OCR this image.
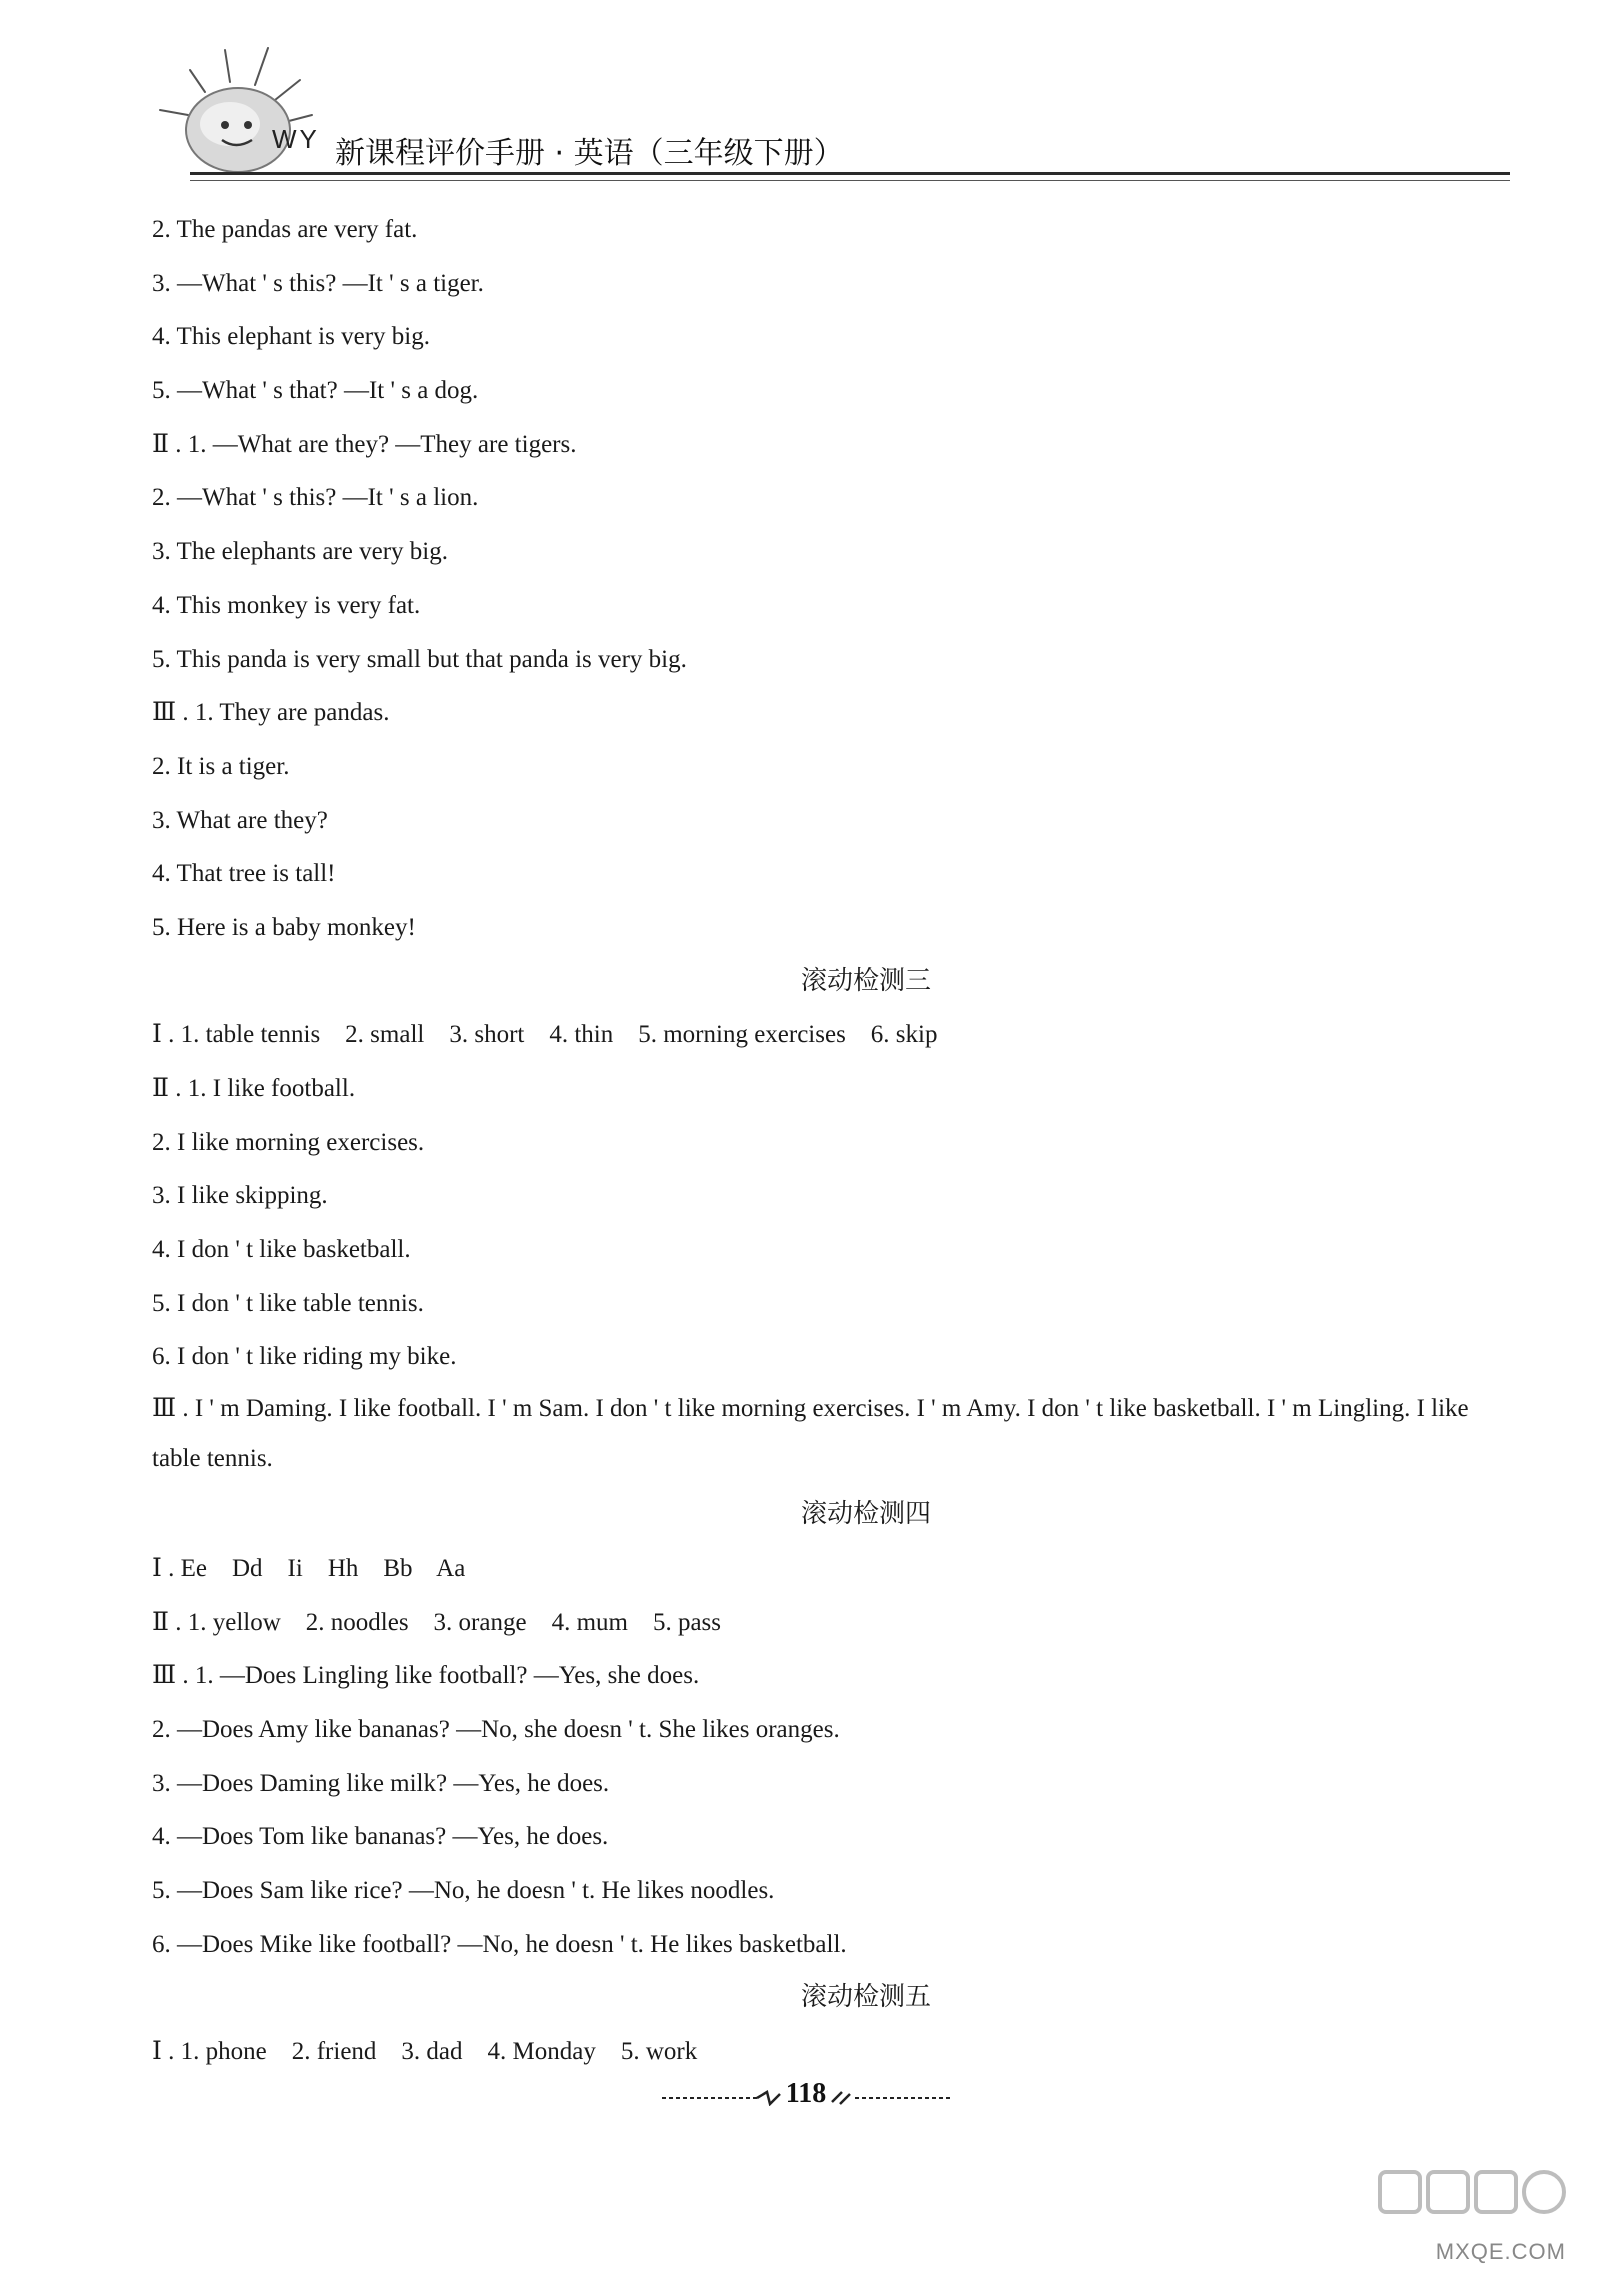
WY 新课程评价手册 · 英语（三年级下册）
2. The pandas are very fat.
3. —What ' s this? —It ' s a tiger.
4. This elephant is very big.
5. —What ' s that? —It ' s a dog.
Ⅱ . 1. —What are they? —They are tigers.
2. —What ' s this? —It ' s a lion.
3. The elephants are very big.
4. This monkey is very fat.
5. This panda is very small but that panda is very big.
Ⅲ . 1. They are pandas.
2. It is a tiger.
3. What are they?
4. That tree is tall!
5. Here is a baby monkey!
滚动检测三
Ⅰ . 1. table tennis    2. small    3. short    4. thin    5. morning exercises    6. skip
Ⅱ . 1. I like football.
2. I like morning exercises.
3. I like skipping.
4. I don ' t like basketball.
5. I don ' t like table tennis.
6. I don ' t like riding my bike.
Ⅲ . I ' m Daming. I like football. I ' m Sam. I don ' t like morning exercises. I ' m Amy. I don ' t like basketball. I ' m Lingling. I like table tennis.
滚动检测四
Ⅰ . Ee    Dd    Ii    Hh    Bb    Aa
Ⅱ . 1. yellow    2. noodles    3. orange    4. mum    5. pass
Ⅲ . 1. —Does Lingling like football? —Yes, she does.
2. —Does Amy like bananas? —No, she doesn ' t. She likes oranges.
3. —Does Daming like milk? —Yes, he does.
4. —Does Tom like bananas? —Yes, he does.
5. —Does Sam like rice? —No, he doesn ' t. He likes noodles.
6. —Does Mike like football? —No, he doesn ' t. He likes basketball.
滚动检测五
Ⅰ . 1. phone    2. friend    3. dad    4. Monday    5. work
118
MXQE.COM
